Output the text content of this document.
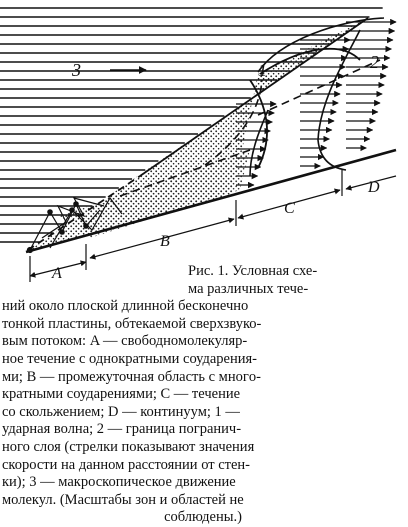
3	2
1
A
B
C
D
Рис. 1. Условная схе-
ма различных тече-
ний около плоской длинной бесконечно
тонкой пластины, обтекаемой сверхзвуко-
вым потоком: A — свободномолекуляр-
ное течение с однократными соударения-
ми; B — промежуточная область с многo-
кратными соударениями; C — течение
со скольжением; D — континуум; 1 —
ударная волна; 2 — граница погранич-
ного слоя (стрелки показывают значения
скорости на данном расстоянии от стен-
ки); 3 — макроскопическое движение
молекул. (Масштабы зон и областей не
соблюдены.)
